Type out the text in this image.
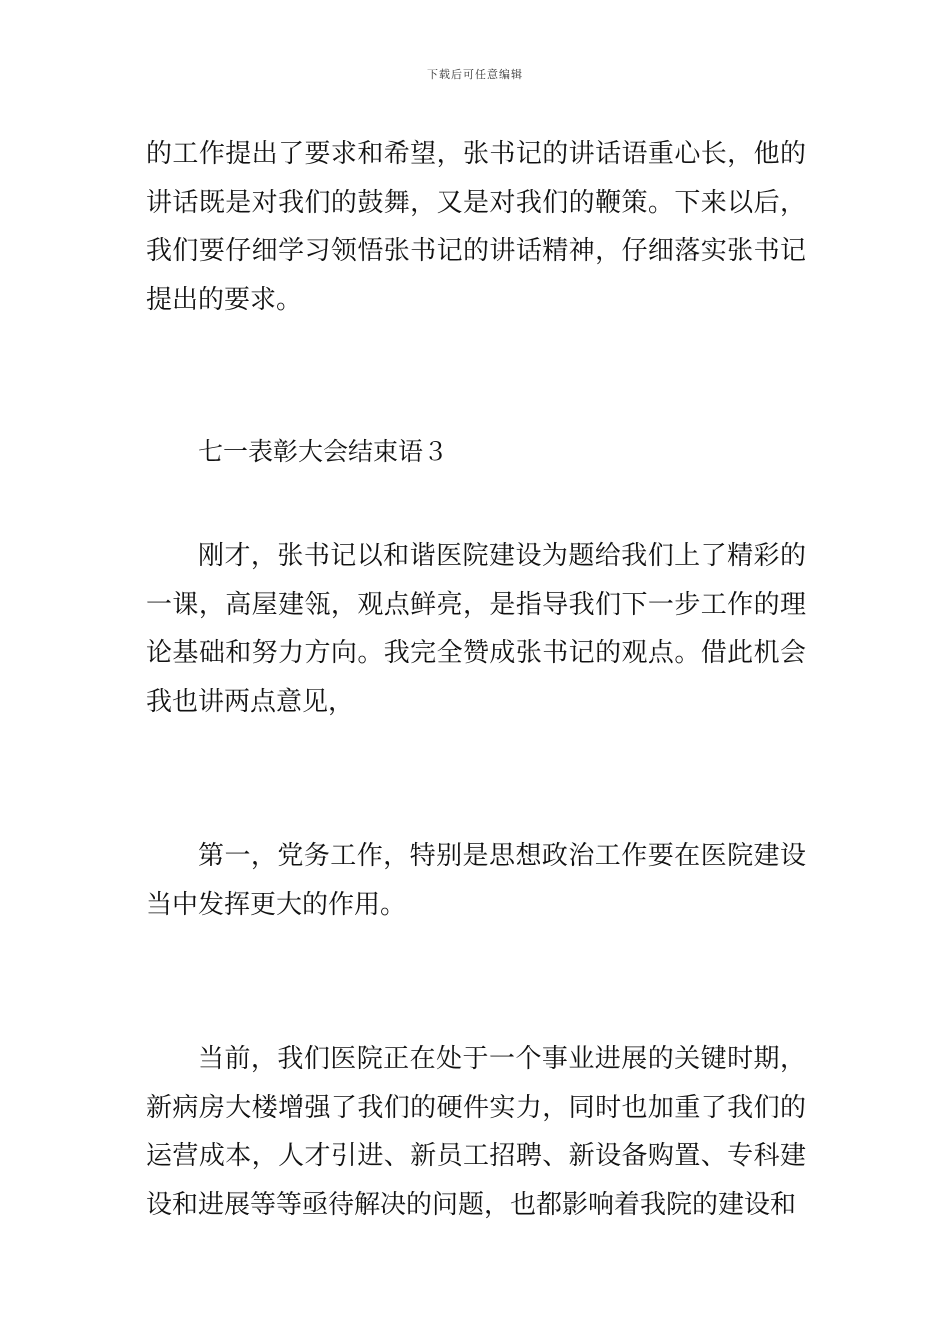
下载后可任意编辑

的工作提出了要求和希望，张书记的讲话语重心长，他的讲话既是对我们的鼓舞，又是对我们的鞭策。下来以后，我们要仔细学习领悟张书记的讲话精神，仔细落实张书记提出的要求。

七一表彰大会结束语３

刚才，张书记以和谐医院建设为题给我们上了精彩的一课，高屋建瓴，观点鲜亮，是指导我们下一步工作的理论基础和努力方向。我完全赞成张书记的观点。借此机会我也讲两点意见，

第一，党务工作，特别是思想政治工作要在医院建设当中发挥更大的作用。

当前，我们医院正在处于一个事业进展的关键时期，新病房大楼增强了我们的硬件实力，同时也加重了我们的运营成本，人才引进、新员工招聘、新设备购置、专科建设和进展等等亟待解决的问题，也都影响着我院的建设和
